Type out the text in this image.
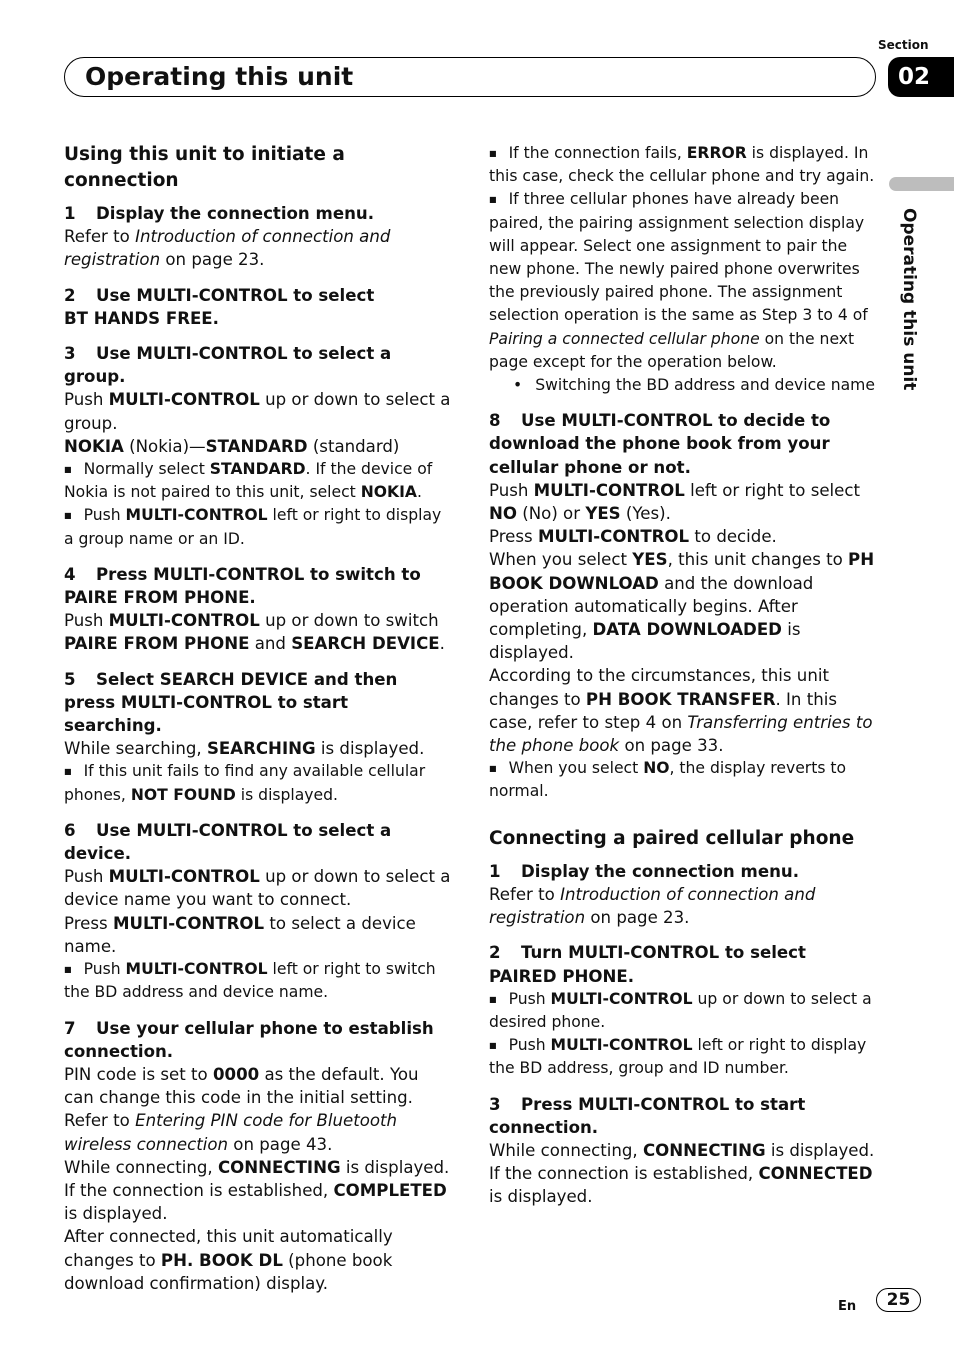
Section
02
Operating this unit
Operating this unit

Using this unit to initiate a connection

1 Display the connection menu.

Refer to Introduction of connection and registration on page 23.

2 Use MULTI-CONTROL to select
BT HANDS FREE.

3 Use MULTI-CONTROL to select a group.

Push MULTI-CONTROL up or down to select a group.

NOKIA (Nokia)—STANDARD (standard)

■ Normally select STANDARD. If the device of Nokia is not paired to this unit, select NOKIA.

■ Push MULTI-CONTROL left or right to display a group name or an ID.

4 Press MULTI-CONTROL to switch to
PAIRE FROM PHONE.

Push MULTI-CONTROL up or down to switch PAIRE FROM PHONE and SEARCH DEVICE.

5 Select SEARCH DEVICE and then press MULTI-CONTROL to start searching.

While searching, SEARCHING is displayed.

■ If this unit fails to find any available cellular phones, NOT FOUND is displayed.

6 Use MULTI-CONTROL to select a device.

Push MULTI-CONTROL up or down to select a device name you want to connect.

Press MULTI-CONTROL to select a device name.

■ Push MULTI-CONTROL left or right to switch the BD address and device name.

7 Use your cellular phone to establish connection.

PIN code is set to 0000 as the default. You can change this code in the initial setting. Refer to Entering PIN code for Bluetooth wireless connection on page 43.

While connecting, CONNECTING is displayed.

If the connection is established, COMPLETED is displayed.

After connected, this unit automatically changes to PH. BOOK DL (phone book download confirmation) display.

■ If the connection fails, ERROR is displayed. In this case, check the cellular phone and try again.

■ If three cellular phones have already been paired, the pairing assignment selection display will appear. Select one assignment to pair the new phone. The newly paired phone overwrites the previously paired phone. The assignment selection operation is the same as Step 3 to 4 of Pairing a connected cellular phone on the next page except for the operation below.

• Switching the BD address and device name

8 Use MULTI-CONTROL to decide to download the phone book from your cellular phone or not.

Push MULTI-CONTROL left or right to select NO (No) or YES (Yes).

Press MULTI-CONTROL to decide.

When you select YES, this unit changes to PH BOOK DOWNLOAD and the download operation automatically begins. After completing, DATA DOWNLOADED is displayed.

According to the circumstances, this unit changes to PH BOOK TRANSFER. In this case, refer to step 4 on Transferring entries to the phone book on page 33.

■ When you select NO, the display reverts to normal.

Connecting a paired cellular phone

1 Display the connection menu.

Refer to Introduction of connection and registration on page 23.

2 Turn MULTI-CONTROL to select
PAIRED PHONE.

■ Push MULTI-CONTROL up or down to select a desired phone.

■ Push MULTI-CONTROL left or right to display the BD address, group and ID number.

3 Press MULTI-CONTROL to start connection.

While connecting, CONNECTING is displayed.

If the connection is established, CONNECTED is displayed.

En	25
